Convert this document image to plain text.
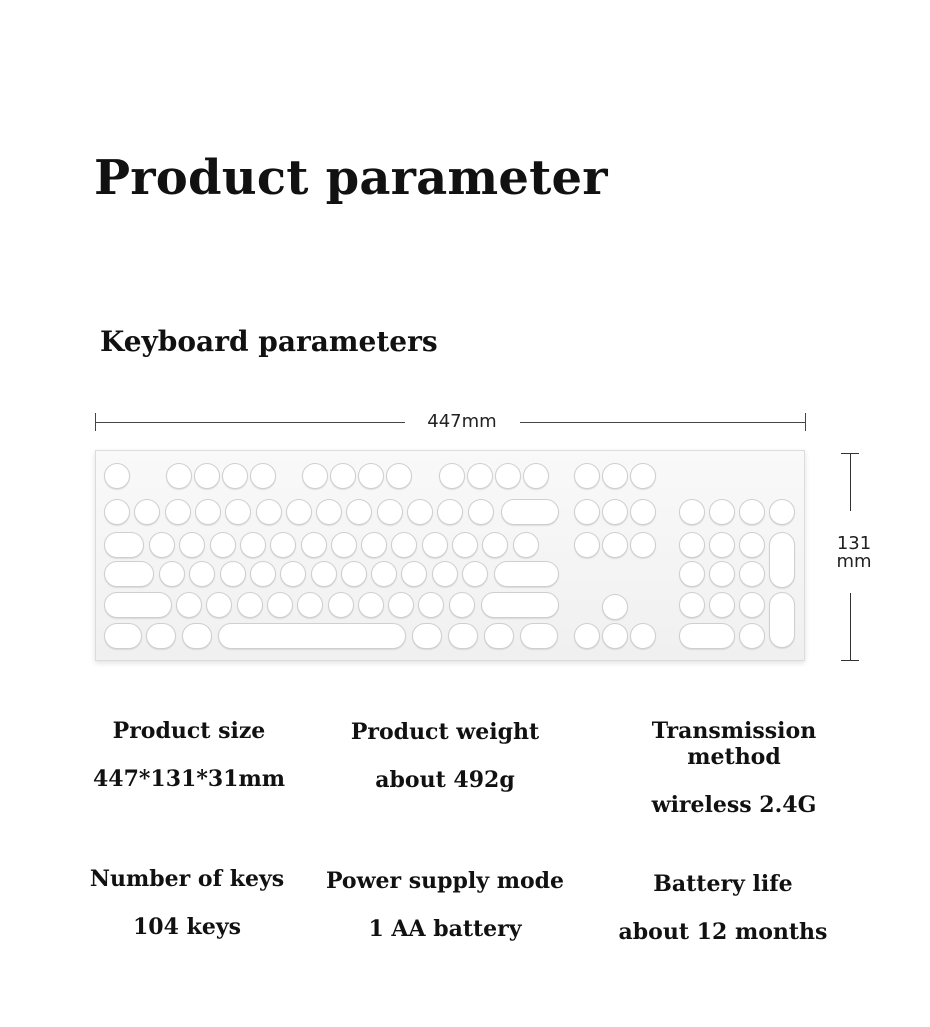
Product parameter
Keyboard parameters
447mm
131
mm
Product size
447*131*31mm
Product weight
about 492g
Transmission method
wireless 2.4G
Number of keys
104 keys
Power supply mode
1 AA battery
Battery life
about 12 months
